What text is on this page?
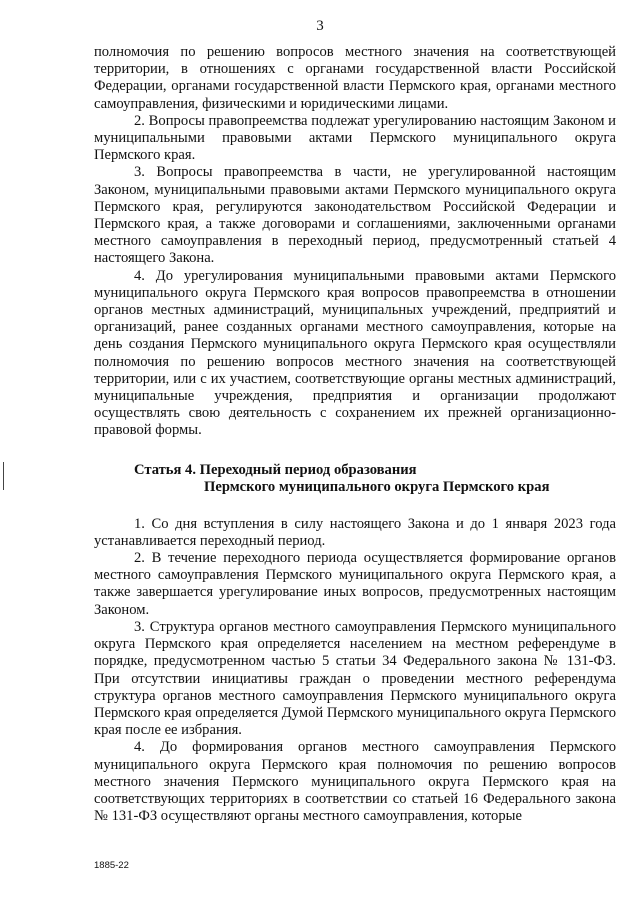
3

полномочия по решению вопросов местного значения на соответствующей территории, в отношениях с органами государственной власти Российской Федерации, органами государственной власти Пермского края, органами местного самоуправления, физическими и юридическими лицами.

2. Вопросы правопреемства подлежат урегулированию настоящим Законом и муниципальными правовыми актами Пермского муниципального округа Пермского края.

3. Вопросы правопреемства в части, не урегулированной настоящим Законом, муниципальными правовыми актами Пермского муниципального округа Пермского края, регулируются законодательством Российской Федерации и Пермского края, а также договорами и соглашениями, заключенными органами местного самоуправления в переходный период, предусмотренный статьей 4 настоящего Закона.

4. До урегулирования муниципальными правовыми актами Пермского муниципального округа Пермского края вопросов правопреемства в отношении органов местных администраций, муниципальных учреждений, предприятий и организаций, ранее созданных органами местного самоуправления, которые на день создания Пермского муниципального округа Пермского края осуществляли полномочия по решению вопросов местного значения на соответствующей территории, или с их участием, соответствующие органы местных администраций, муниципальные учреждения, предприятия и организации продолжают осуществлять свою деятельность с сохранением их прежней организационно-правовой формы.

Статья 4. Переходный период образования
Пермского муниципального округа Пермского края

1. Со дня вступления в силу настоящего Закона и до 1 января 2023 года устанавливается переходный период.

2. В течение переходного периода осуществляется формирование органов местного самоуправления Пермского муниципального округа Пермского края, а также завершается урегулирование иных вопросов, предусмотренных настоящим Законом.

3. Структура органов местного самоуправления Пермского муниципального округа Пермского края определяется населением на местном референдуме в порядке, предусмотренном частью 5 статьи 34 Федерального закона № 131-ФЗ. При отсутствии инициативы граждан о проведении местного референдума структура органов местного самоуправления Пермского муниципального округа Пермского края определяется Думой Пермского муниципального округа Пермского края после ее избрания.

4. До формирования органов местного самоуправления Пермского муниципального округа Пермского края полномочия по решению вопросов местного значения Пермского муниципального округа Пермского края на соответствующих территориях в соответствии со статьей 16 Федерального закона № 131-ФЗ осуществляют органы местного самоуправления, которые

1885-22
